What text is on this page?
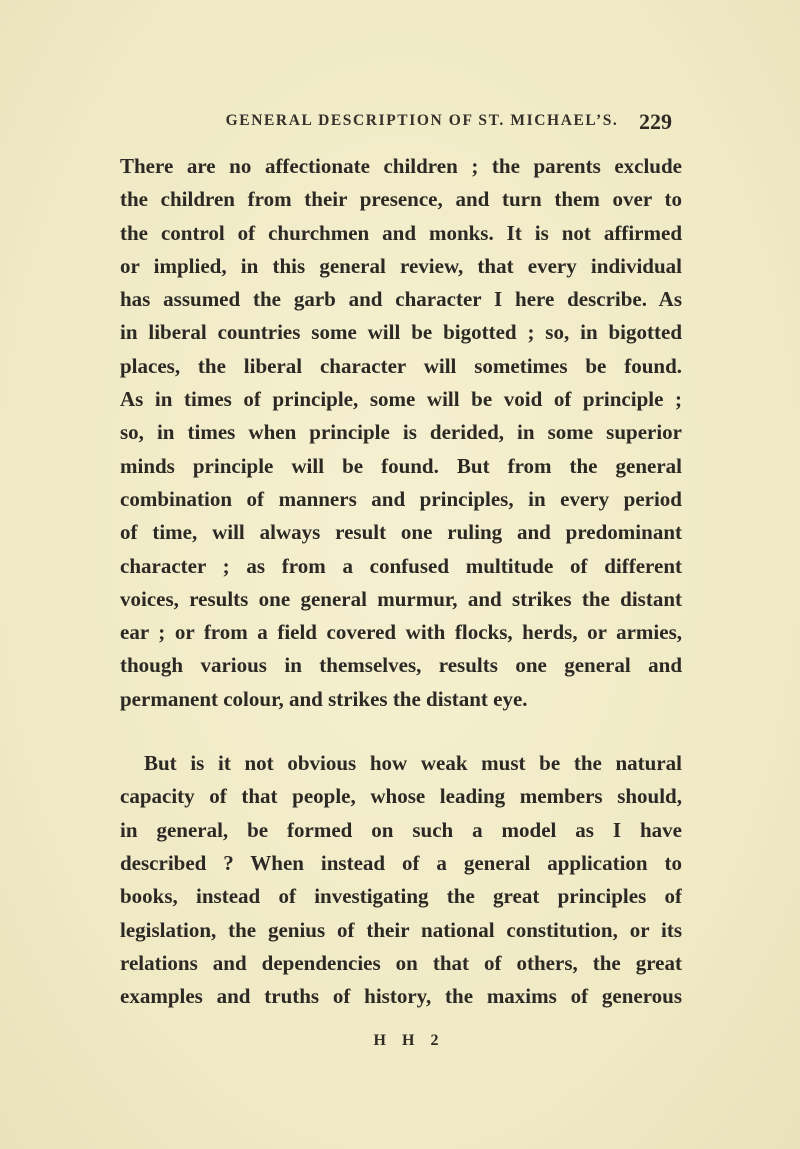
GENERAL DESCRIPTION OF ST. MICHAEL’S. 229
There are no affectionate children ; the parents exclude
the children from their presence, and turn them over to
the control of churchmen and monks. It is not affirmed
or implied, in this general review, that every individual
has assumed the garb and character I here describe. As
in liberal countries some will be bigotted ; so, in bigotted
places, the liberal character will sometimes be found.
As in times of principle, some will be void of principle ;
so, in times when principle is derided, in some superior
minds principle will be found. But from the general
combination of manners and principles, in every period
of time, will always result one ruling and predominant
character ; as from a confused multitude of different
voices, results one general murmur, and strikes the distant
ear ; or from a field covered with flocks, herds, or armies,
though various in themselves, results one general and
permanent colour, and strikes the distant eye.
But is it not obvious how weak must be the natural
capacity of that people, whose leading members should,
in general, be formed on such a model as I have
described ? When instead of a general application to
books, instead of investigating the great principles of
legislation, the genius of their national constitution, or its
relations and dependencies on that of others, the great
examples and truths of history, the maxims of generous
H H 2
